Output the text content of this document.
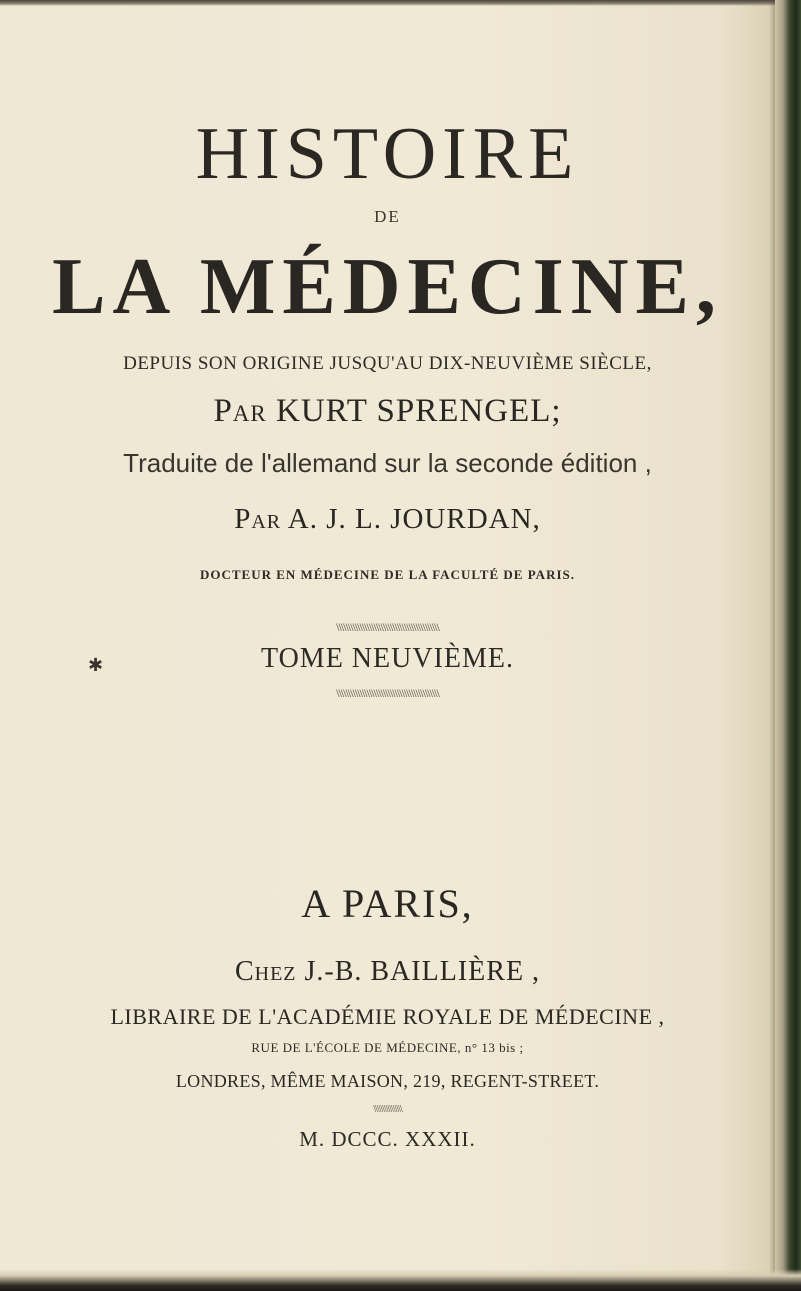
HISTOIRE
DE
LA MÉDECINE,
DEPUIS SON ORIGINE JUSQU'AU DIX-NEUVIÈME SIÈCLE,
Par KURT SPRENGEL;
Traduite de l'allemand sur la seconde édition ,
Par A. J. L. JOURDAN,
DOCTEUR EN MÉDECINE DE LA FACULTÉ DE PARIS.
\\\\\\\\\\\\\\\\\\\\\\\\\\\\\\\\\\\\\\\\\\\\
TOME NEUVIÈME.
\\\\\\\\\\\\\\\\\\\\\\\\\\\\\\\\\\\\\\\\\\\\
✱
A PARIS,
Chez J.-B. BAILLIÈRE ,
LIBRAIRE DE L'ACADÉMIE ROYALE DE MÉDECINE ,
RUE DE L'ÉCOLE DE MÉDECINE, n° 13 bis ;
LONDRES, MÊME MAISON, 219, REGENT-STREET.
\\\\\\\\\\\\\\\\
M. DCCC. XXXII.
